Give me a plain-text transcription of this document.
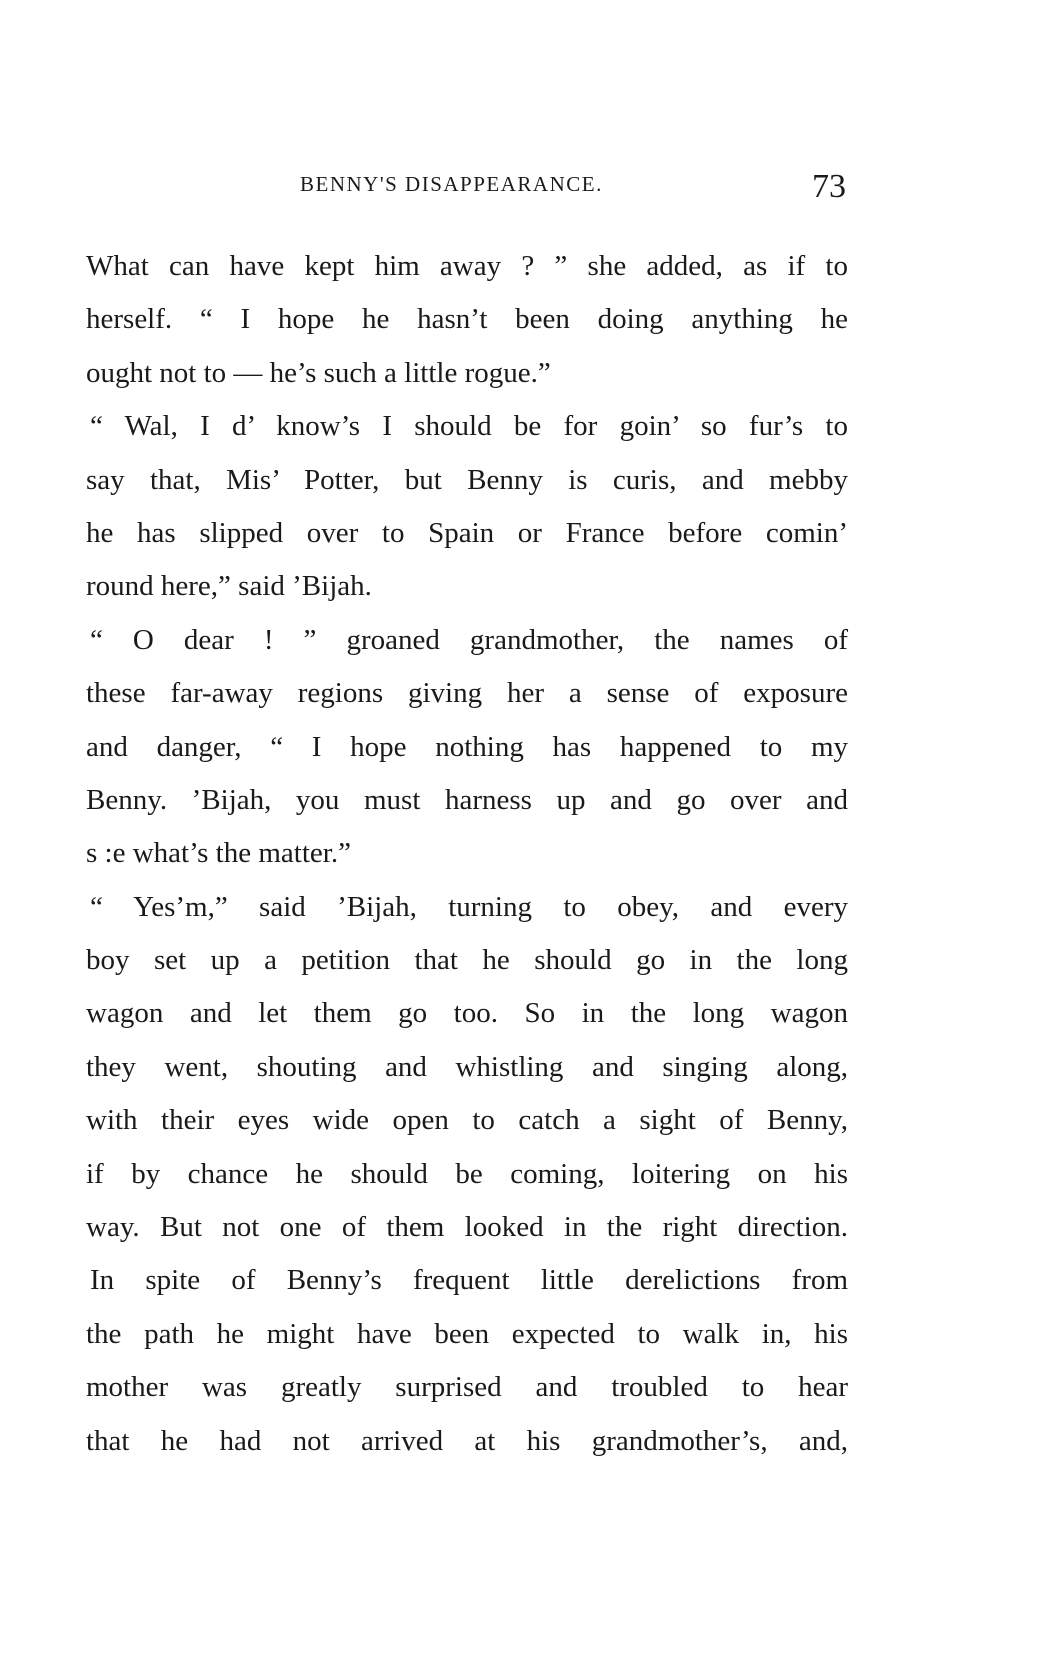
BENNY'S DISAPPEARANCE.	73
What can have kept him away ? ” she added, as if to
herself. “ I hope he hasn’t been doing anything he
ought not to — he’s such a little rogue.”
“ Wal, I d’ know’s I should be for goin’ so fur’s to
say that, Mis’ Potter, but Benny is curis, and mebby
he has slipped over to Spain or France before comin’
round here,” said ’Bijah.
“ O dear ! ” groaned grandmother, the names of
these far-away regions giving her a sense of exposure
and danger, “ I hope nothing has happened to my
Benny. ’Bijah, you must harness up and go over and
s :e what’s the matter.”
“ Yes’m,” said ’Bijah, turning to obey, and every
boy set up a petition that he should go in the long
wagon and let them go too. So in the long wagon
they went, shouting and whistling and singing along,
with their eyes wide open to catch a sight of Benny,
if by chance he should be coming, loitering on his
way. But not one of them looked in the right direction.
In spite of Benny’s frequent little derelictions from
the path he might have been expected to walk in, his
mother was greatly surprised and troubled to hear
that he had not arrived at his grandmother’s, and,
